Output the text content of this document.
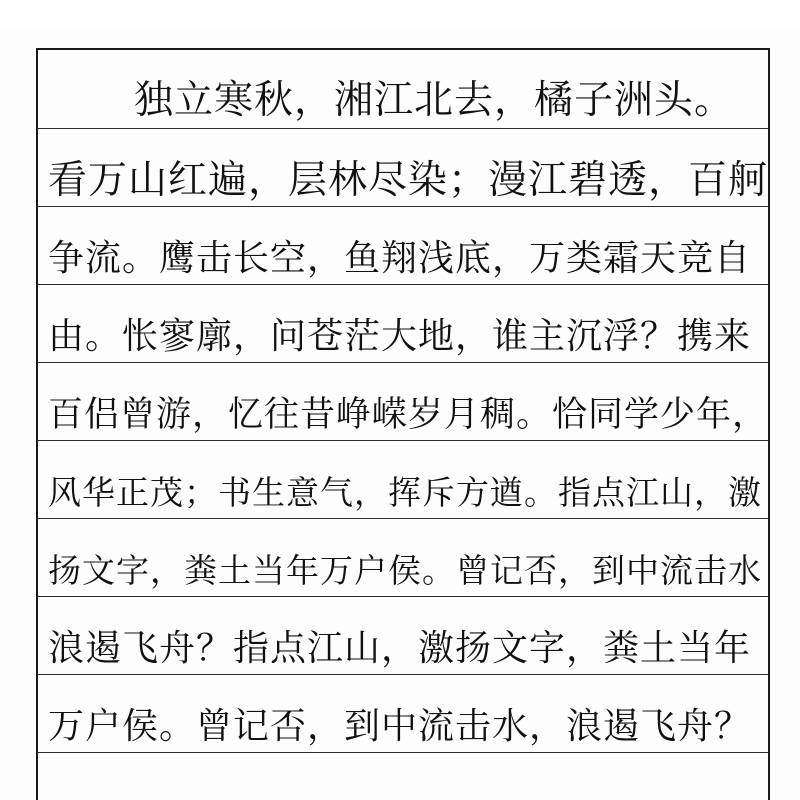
独立寒秋，湘江北去，橘子洲头。
看万山红遍，层林尽染；漫江碧透，百舸
争流。鹰击长空，鱼翔浅底，万类霜天竞自
由。怅寥廓，问苍茫大地，谁主沉浮？携来
百侣曾游，忆往昔峥嵘岁月稠。恰同学少年，
风华正茂；书生意气，挥斥方遒。指点江山，激
扬文字，粪土当年万户侯。曾记否，到中流击水
浪遏飞舟？指点江山，激扬文字，粪土当年
万户侯。曾记否，到中流击水，浪遏飞舟？
